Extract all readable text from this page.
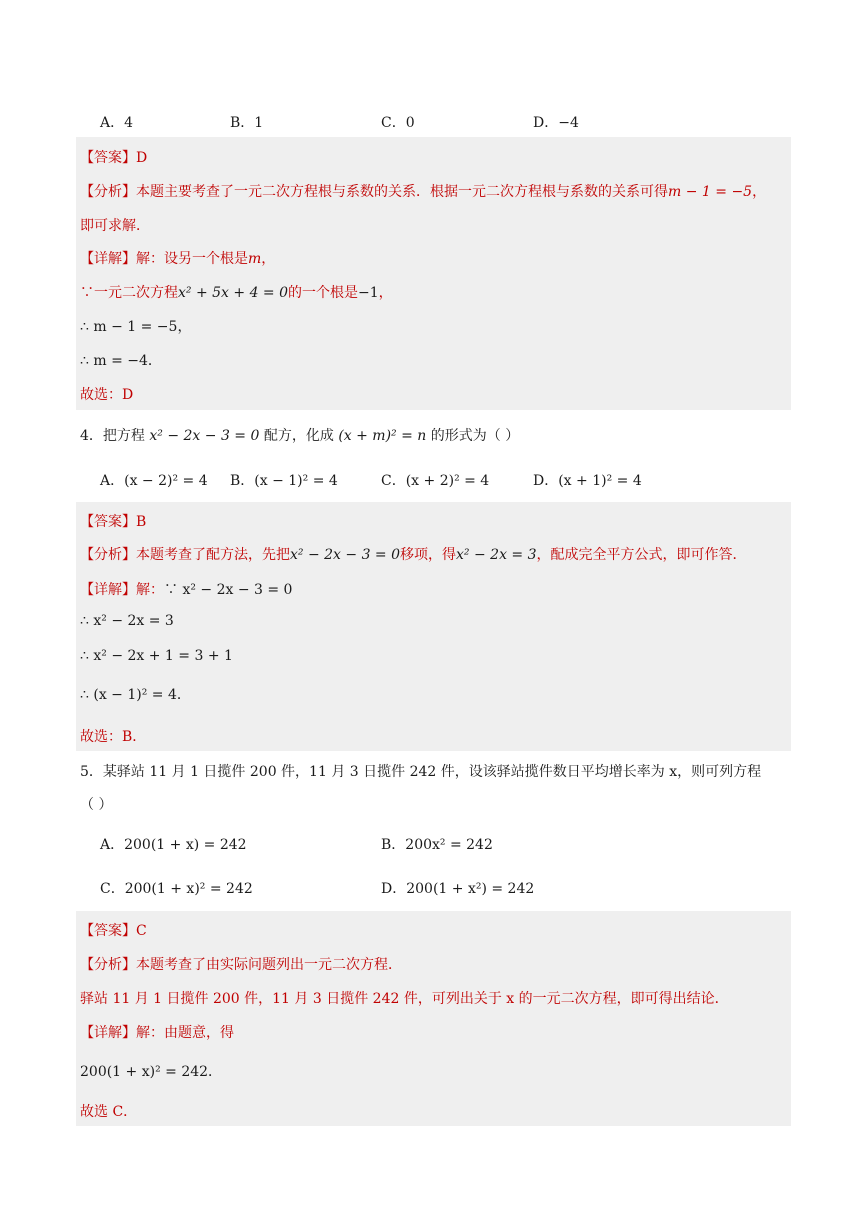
A．4	B．1	C．0	D．−4
【答案】D
【分析】本题主要考查了一元二次方程根与系数的关系．根据一元二次方程根与系数的关系可得m − 1 = −5，
即可求解．
【详解】解：设另一个根是m，
∵一元二次方程x² + 5x + 4 = 0的一个根是−1，
∴ m − 1 = −5，
∴ m = −4．
故选：D
4．把方程 x² − 2x − 3 = 0 配方，化成 (x + m)² = n 的形式为（ ）
A．(x − 2)² = 4 B．(x − 1)² = 4	C．(x + 2)² = 4	D．(x + 1)² = 4
【答案】B
【分析】本题考查了配方法，先把x² − 2x − 3 = 0移项，得x² − 2x = 3，配成完全平方公式，即可作答．
【详解】解：∵ x² − 2x − 3 = 0
∴ x² − 2x = 3
∴ x² − 2x + 1 = 3 + 1
∴ (x − 1)² = 4．
故选：B．
5．某驿站 11 月 1 日揽件 200 件，11 月 3 日揽件 242 件，设该驿站揽件数日平均增长率为 x，则可列方程
（ ）
A．200(1 + x) = 242	B．200x² = 242
C．200(1 + x)² = 242	D．200(1 + x²) = 242
【答案】C
【分析】本题考查了由实际问题列出一元二次方程．
驿站 11 月 1 日揽件 200 件，11 月 3 日揽件 242 件，可列出关于 x 的一元二次方程，即可得出结论．
【详解】解：由题意，得
200(1 + x)² = 242．
故选 C．
